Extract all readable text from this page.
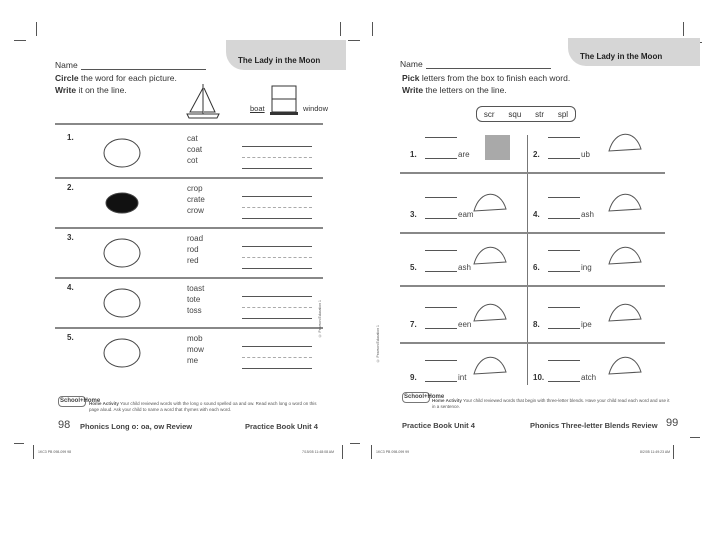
The Lady in the Moon
Name
Circle the word for each picture.
Write it on the line.
boat	window
1.	cat
coat
cot
2.	crop
crate
crow
3.	road
rod
red
4.	toast
tote
toss
5.	mob
mow
me
© Pearson Education 1
School+Home
Home Activity Your child reviewed words with the long o sound spelled oa and ow. Read each long o word on this page aloud. Ask your child to name a word that rhymes with each word.
98 Phonics Long o: oa, ow Review	Practice Book Unit 4
1KC3 PB 098-099 98	7/15/05 11:48:08 AM
The Lady in the Moon
Name
Pick letters from the box to finish each word.
Write the letters on the line.
scr squ str spl
1.	are	2.	ub
3.	eam	4.	ash
5.	ash	6.	ing
7.	een	8.	ipe
9.	int	10.	atch
© Pearson Education 1
School+Home
Home Activity Your child reviewed words that begin with three-letter blends. Have your child read each word and use it in a sentence.
Practice Book Unit 4	Phonics Three-letter Blends Review 99
1KC3 PB 098-099 99	8/2/05 11:49:23 AM
